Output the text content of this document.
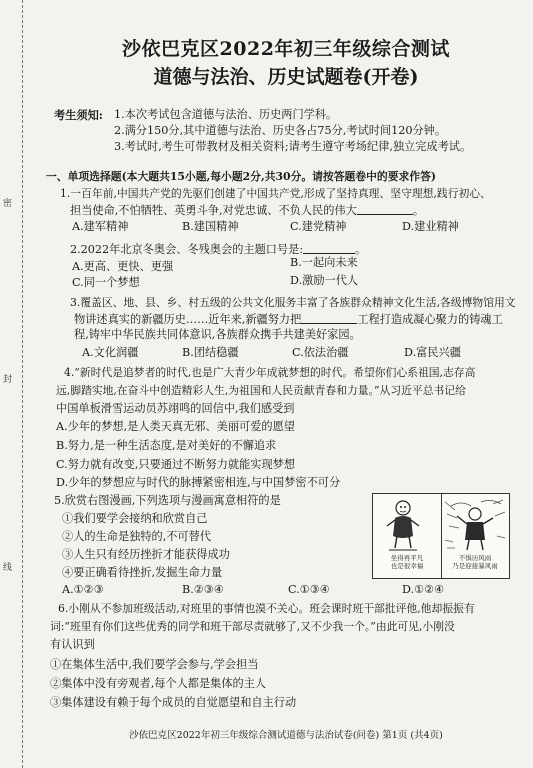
密
封
线
沙依巴克区2022年初三年级综合测试
道德与法治、历史试题卷(开卷)
考生须知: 1.本次考试包含道德与法治、历史两门学科。
2.满分150分,其中道德与法治、历史各占75分,考试时间120分钟。
3.考试时,考生可带教材及相关资料;请考生遵守考场纪律,独立完成考试。
一、单项选择题(本大题共15小题,每小题2分,共30分。请按答题卷中的要求作答)
1.一百年前,中国共产党的先驱们创建了中国共产党,形成了坚持真理、坚守理想,践行初心、
担当使命,不怕牺牲、英勇斗争,对党忠诚、不负人民的伟大	。
A.建军精神	B.建国精神	C.建党精神	D.建业精神
2.2022年北京冬奥会、冬残奥会的主题口号是:	。
A.更高、更快、更强	B.一起向未来
C.同一个梦想	D.激励一代人
3.覆盖区、地、县、乡、村五级的公共文化服务丰富了各族群众精神文化生活,各级博物馆用文
物讲述真实的新疆历史……近年来,新疆努力把	工程打造成凝心聚力的铸魂工
程,铸牢中华民族共同体意识,各族群众携手共建美好家园。
A.文化润疆	B.团结稳疆	C.依法治疆	D.富民兴疆
4.“新时代是追梦者的时代,也是广大青少年成就梦想的时代。希望你们心系祖国,志存高
远,脚踏实地,在奋斗中创造精彩人生,为祖国和人民贡献青春和力量。”从习近平总书记给
中国单板滑雪运动员苏翊鸣的回信中,我们感受到
A.少年的梦想,是人类天真无邪、美丽可爱的愿望
B.努力,是一种生活态度,是对美好的不懈追求
C.努力就有改变,只要通过不断努力就能实现梦想
D.少年的梦想应与时代的脉搏紧密相连,与中国梦密不可分
5.欣赏右图漫画,下列选项与漫画寓意相符的是
①我们要学会接纳和欣赏自己
②人的生命是独特的,不可替代
③人生只有经历挫折才能获得成功
④要正确看待挫折,发掘生命力量
A.①②③	B.②③④	C.①③④	D.①②④
坐得再平凡
也是很幸福
不惧历风雨
乃是迎接暴风雨
6.小刚从不参加班级活动,对班里的事情也漠不关心。班会课时班干部批评他,他却振振有
词:“班里有你们这些优秀的同学和班干部尽责就够了,又不少我一个。”由此可见,小刚没
有认识到
①在集体生活中,我们要学会参与,学会担当
②集体中没有旁观者,每个人都是集体的主人
③集体建设有赖于每个成员的自觉愿望和自主行动
沙依巴克区2022年初三年级综合测试道德与法治试卷(问卷) 第1页 (共4页)
